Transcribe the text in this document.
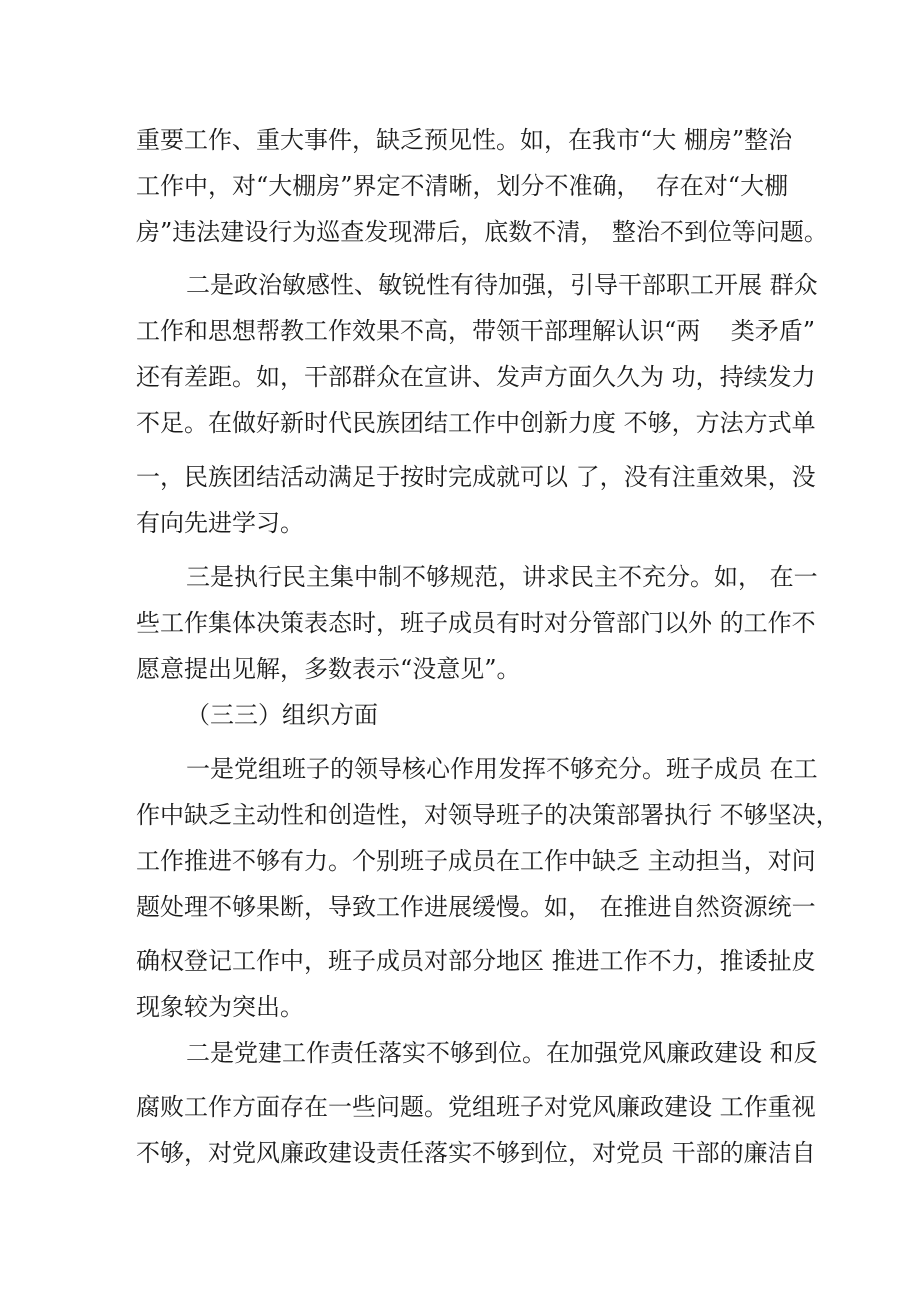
重要工作、重大事件，缺乏预见性。如，在我市“大 棚房”整治
工作中，对“大棚房”界定不清晰，划分不准确，  存在对“大棚
房”违法建设行为巡查发现滞后，底数不清， 整治不到位等问题。
二是政治敏感性、敏锐性有待加强，引导干部职工开展 群众
工作和思想帮教工作效果不高，带领干部理解认识“两    类矛盾”
还有差距。如，干部群众在宣讲、发声方面久久为 功，持续发力
不足。在做好新时代民族团结工作中创新力度 不够，方法方式单
一，民族团结活动满足于按时完成就可以 了，没有注重效果，没
有向先进学习。
三是执行民主集中制不够规范，讲求民主不充分。如， 在一
些工作集体决策表态时，班子成员有时对分管部门以外 的工作不
愿意提出见解，多数表示“没意见”。
（三三）组织方面
一是党组班子的领导核心作用发挥不够充分。班子成员 在工
作中缺乏主动性和创造性，对领导班子的决策部署执行 不够坚决，
工作推进不够有力。个别班子成员在工作中缺乏 主动担当，对问
题处理不够果断，导致工作进展缓慢。如， 在推进自然资源统一
确权登记工作中，班子成员对部分地区 推进工作不力，推诿扯皮
现象较为突出。
二是党建工作责任落实不够到位。在加强党风廉政建设 和反
腐败工作方面存在一些问题。党组班子对党风廉政建设 工作重视
不够，对党风廉政建设责任落实不够到位，对党员 干部的廉洁自
